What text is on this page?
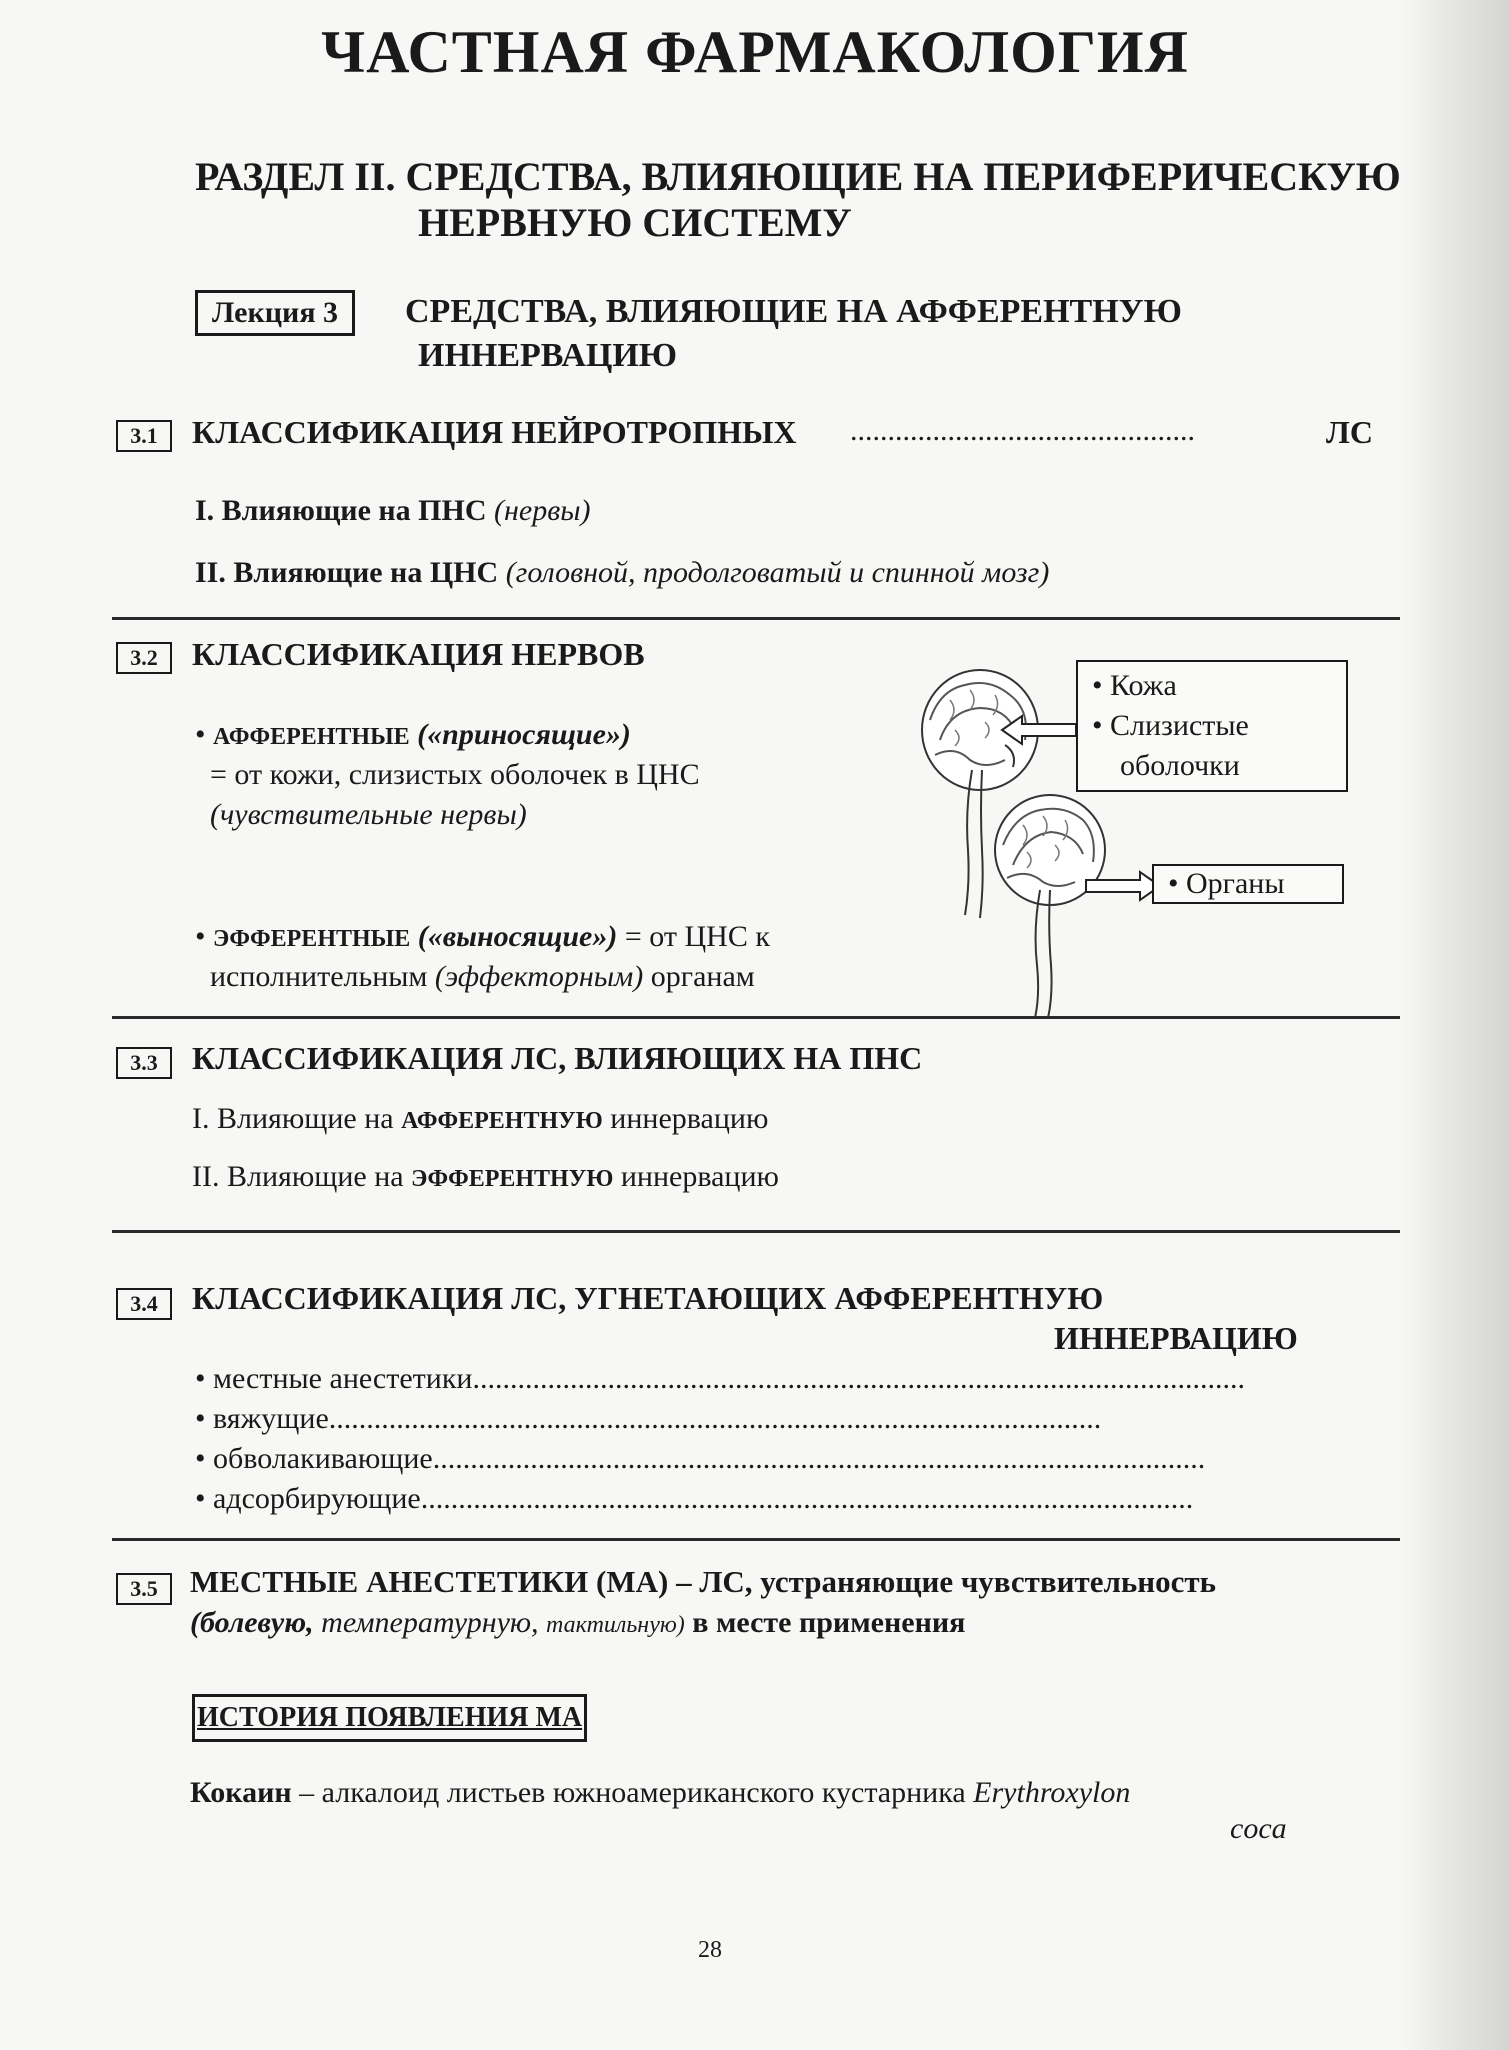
ЧАСТНАЯ ФАРМАКОЛОГИЯ
РАЗДЕЛ II. СРЕДСТВА, ВЛИЯЮЩИЕ НА ПЕРИФЕРИЧЕСКУЮ
НЕРВНУЮ СИСТЕМУ
Лекция 3	СРЕДСТВА, ВЛИЯЮЩИЕ НА АФФЕРЕНТНУЮ
ИННЕРВАЦИЮ
3.1	КЛАССИФИКАЦИЯ НЕЙРОТРОПНЫХ ..............................................	ЛС
I. Влияющие на ПНС (нервы)
II. Влияющие на ЦНС (головной, продолговатый и спинной мозг)
3.2	КЛАССИФИКАЦИЯ НЕРВОВ
• АФФЕРЕНТНЫЕ («приносящие»)
= от кожи, слизистых оболочек в ЦНС
(чувствительные нервы)
• ЭФФЕРЕНТНЫЕ («выносящие») = от ЦНС к
исполнительным (эффекторным) органам
• Кожа
• Слизистые
оболочки
• Органы
3.3	КЛАССИФИКАЦИЯ ЛС, ВЛИЯЮЩИХ НА ПНС
I. Влияющие на АФФЕРЕНТНУЮ иннервацию
II. Влияющие на ЭФФЕРЕНТНУЮ иннервацию
3.4	КЛАССИФИКАЦИЯ ЛС, УГНЕТАЮЩИХ АФФЕРЕНТНУЮ
ИННЕРВАЦИЮ
• местные анестетики .......................................................................................................
• вяжущие .......................................................................................................
• обволакивающие .......................................................................................................
• адсорбирующие .......................................................................................................
3.5	МЕСТНЫЕ АНЕСТЕТИКИ (МА) – ЛС, устраняющие чувствительность
(болевую, температурную, тактильную) в месте применения
ИСТОРИЯ ПОЯВЛЕНИЯ МА
Кокаин – алкалоид листьев южноамериканского кустарника Erythroxylon
coca
28
